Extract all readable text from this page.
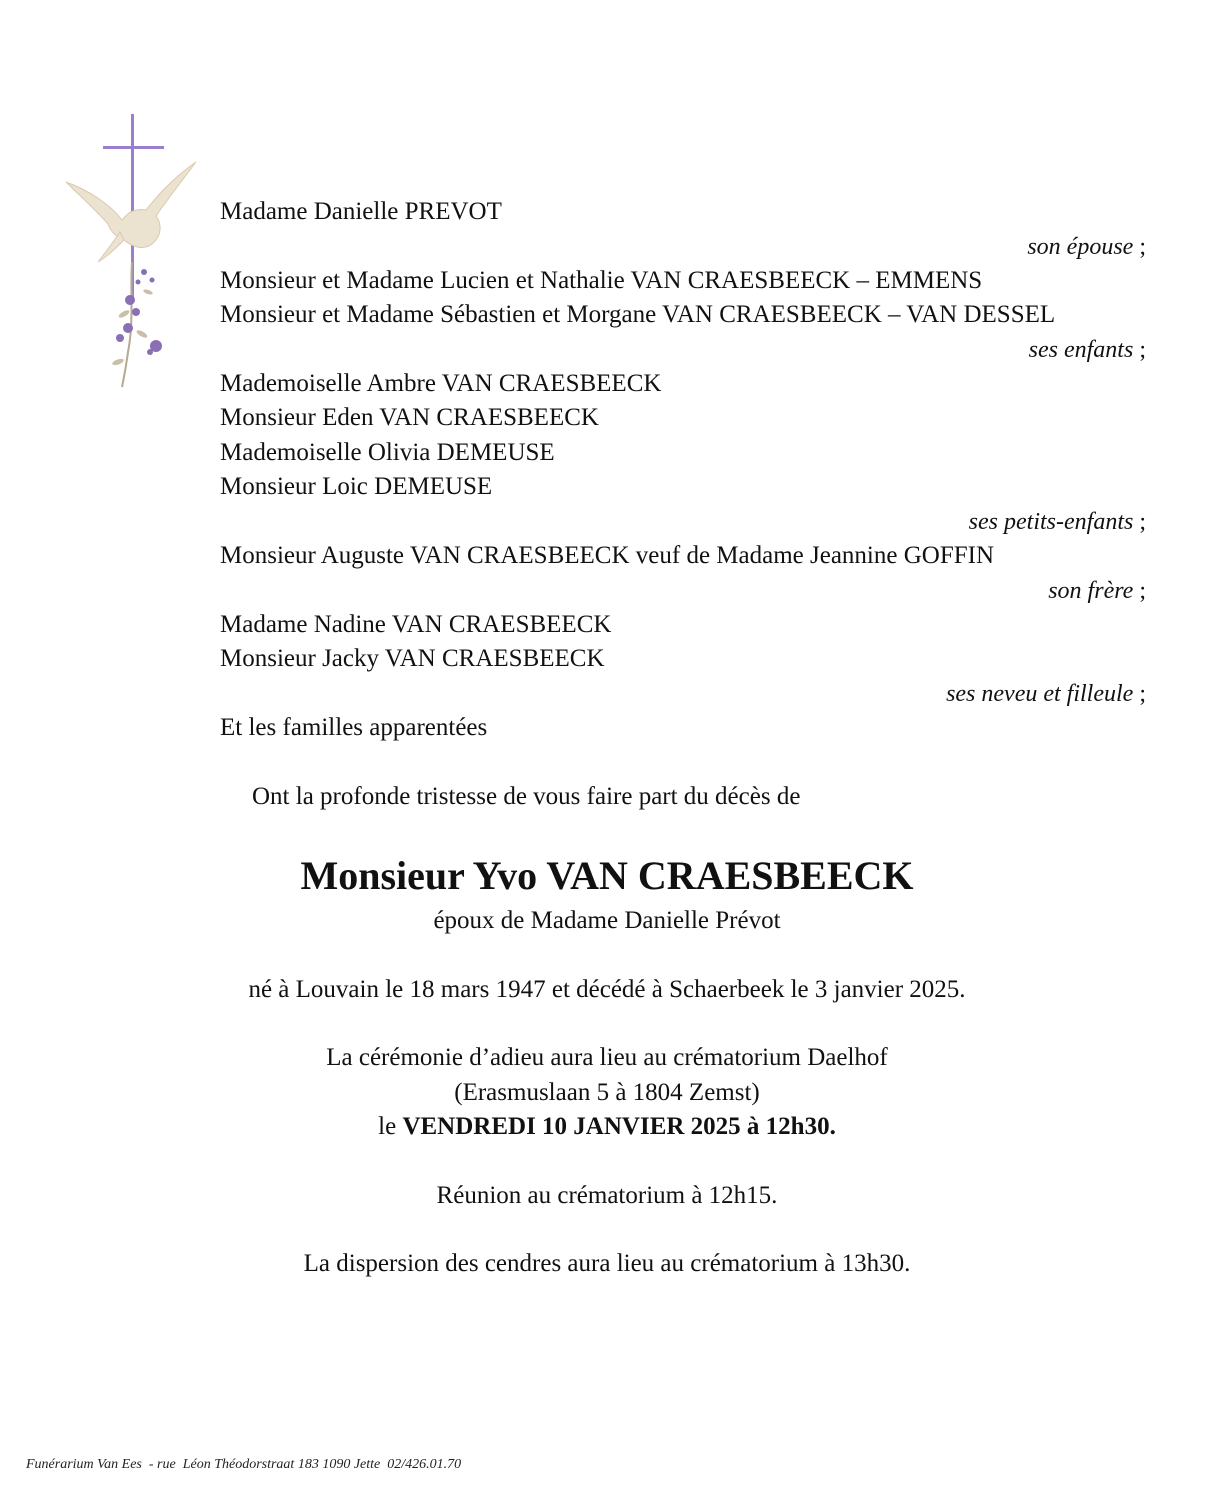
Madame Danielle PREVOT
son épouse ;
Monsieur et Madame Lucien et Nathalie VAN CRAESBEECK – EMMENS
Monsieur et Madame Sébastien et Morgane VAN CRAESBEECK – VAN DESSEL
ses enfants ;
Mademoiselle Ambre VAN CRAESBEECK
Monsieur Eden VAN CRAESBEECK
Mademoiselle Olivia DEMEUSE
Monsieur Loic DEMEUSE
ses petits-enfants ;
Monsieur Auguste VAN CRAESBEECK veuf de Madame Jeannine GOFFIN
son frère ;
Madame Nadine VAN CRAESBEECK
Monsieur Jacky VAN CRAESBEECK
ses neveu et filleule ;
Et les familles apparentées
Ont la profonde tristesse de vous faire part du décès de
Monsieur Yvo VAN CRAESBEECK
époux de Madame Danielle Prévot
né à Louvain le 18 mars 1947 et décédé à Schaerbeek le 3 janvier 2025.
La cérémonie d’adieu aura lieu au crématorium Daelhof
(Erasmuslaan 5 à 1804 Zemst)
le VENDREDI 10 JANVIER 2025 à 12h30.
Réunion au crématorium à 12h15.
La dispersion des cendres aura lieu au crématorium à 13h30.
Funérarium Van Ees  - rue  Léon Théodorstraat 183 1090 Jette  02/426.01.70
